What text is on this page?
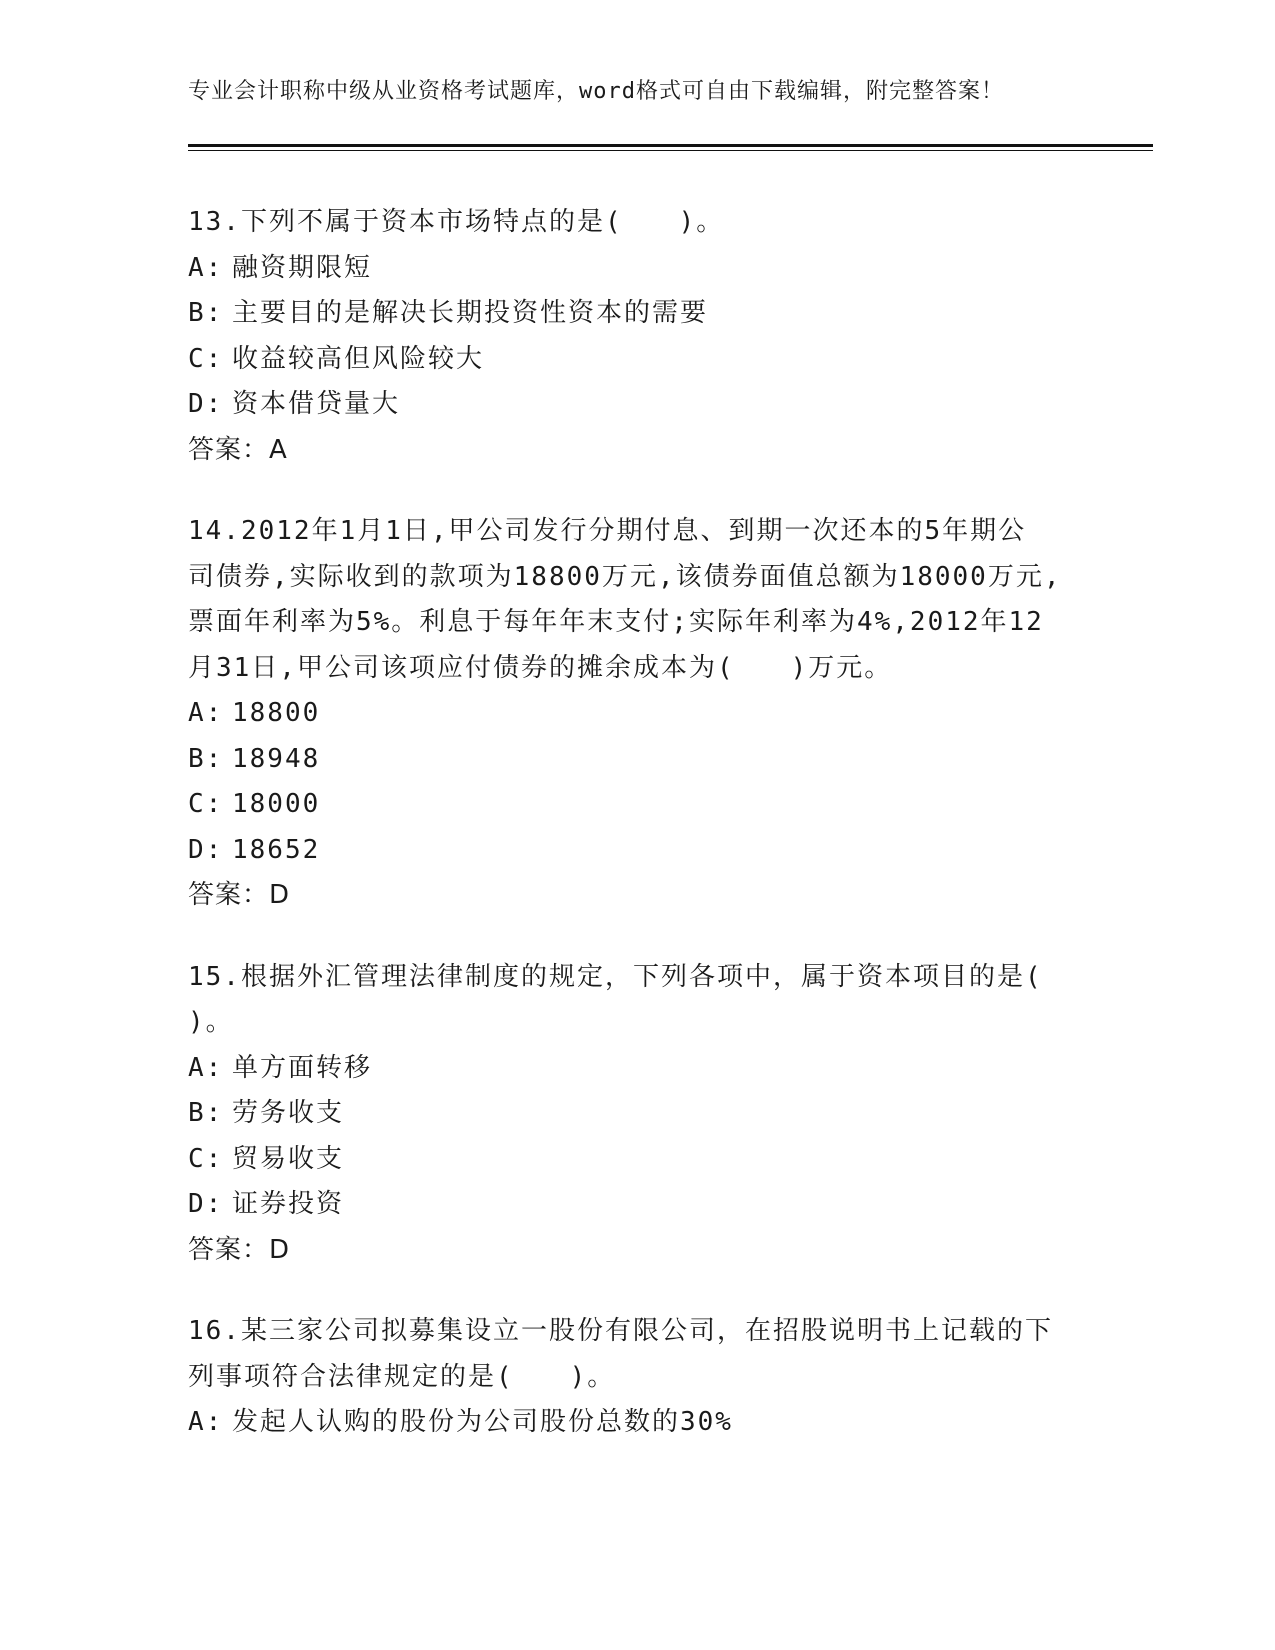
专业会计职称中级从业资格考试题库，word格式可自由下载编辑，附完整答案！
13.下列不属于资本市场特点的是(　　)。
A: 融资期限短
B: 主要目的是解决长期投资性资本的需要
C: 收益较高但风险较大
D: 资本借贷量大
答案：A
14.2012年1月1日,甲公司发行分期付息、到期一次还本的5年期公
司债券,实际收到的款项为18800万元,该债券面值总额为18000万元,
票面年利率为5%。利息于每年年末支付;实际年利率为4%,2012年12
月31日,甲公司该项应付债券的摊余成本为(　　)万元。
A: 18800
B: 18948
C: 18000
D: 18652
答案：D
15.根据外汇管理法律制度的规定，下列各项中，属于资本项目的是(
)。
A: 单方面转移
B: 劳务收支
C: 贸易收支
D: 证券投资
答案：D
16.某三家公司拟募集设立一股份有限公司，在招股说明书上记载的下
列事项符合法律规定的是(　　)。
A: 发起人认购的股份为公司股份总数的30%
